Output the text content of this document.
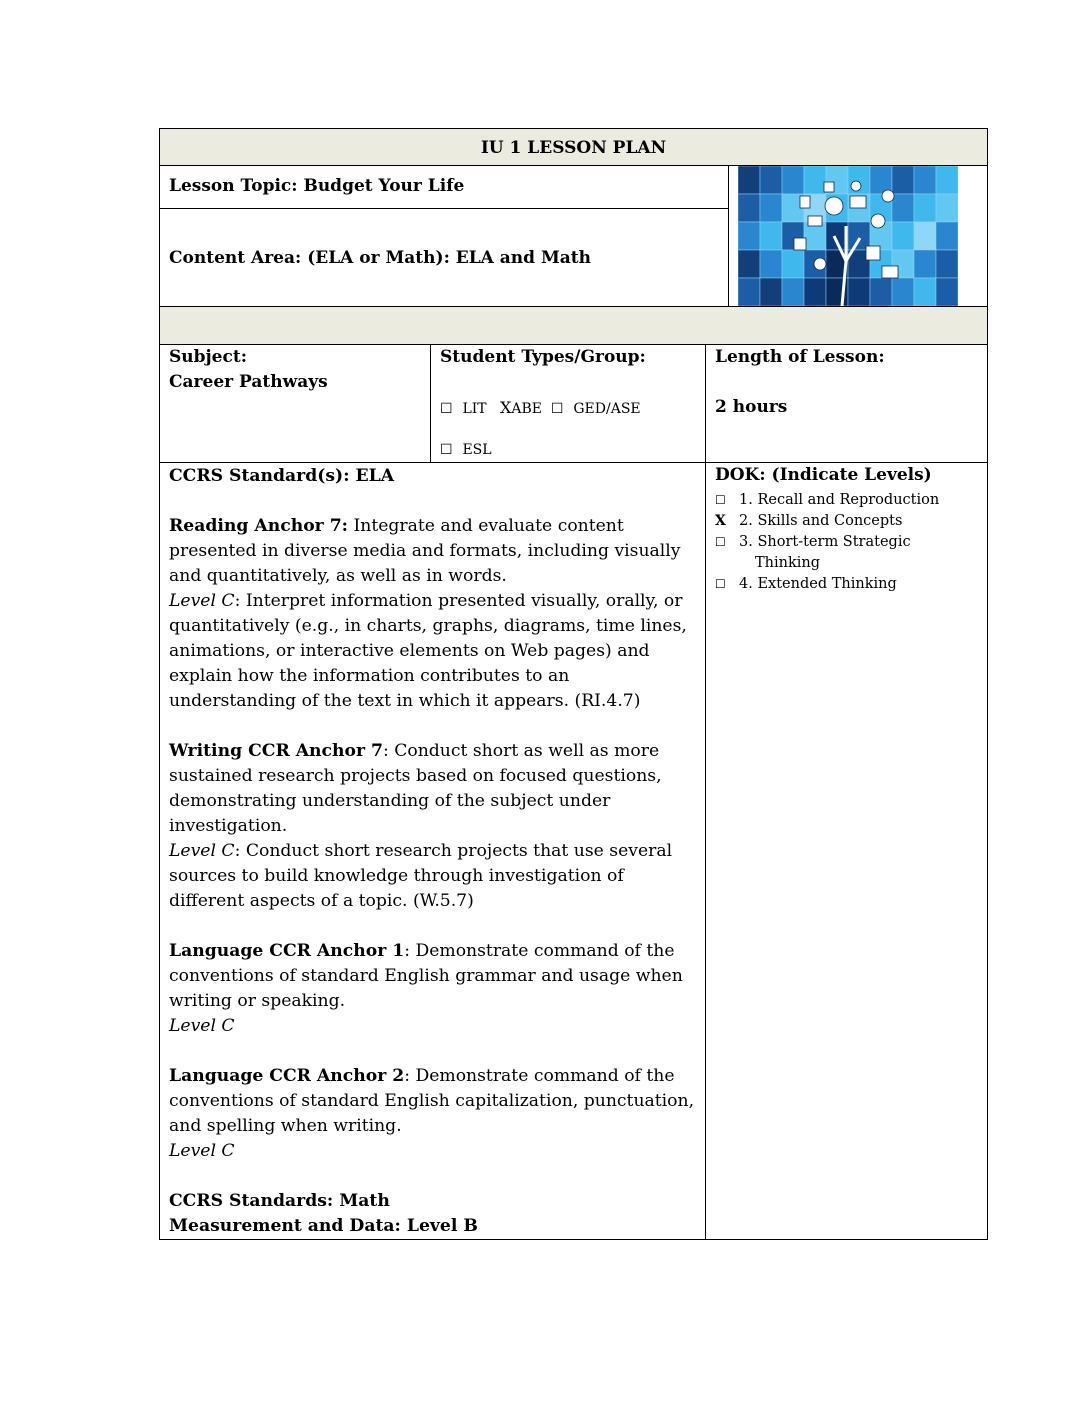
IU 1 LESSON PLAN
Lesson Topic: Budget Your Life
Content Area: (ELA or Math): ELA and Math
Subject:
Career Pathways
Student Types/Group:
☐ LIT XABE ☐ GED/ASE
☐ ESL
Length of Lesson:
2 hours

CCRS Standard(s): ELA

Reading Anchor 7: Integrate and evaluate content presented in diverse media and formats, including visually and quantitatively, as well as in words.
Level C: Interpret information presented visually, orally, or quantitatively (e.g., in charts, graphs, diagrams, time lines, animations, or interactive elements on Web pages) and explain how the information contributes to an understanding of the text in which it appears. (RI.4.7)

Writing CCR Anchor 7: Conduct short as well as more sustained research projects based on focused questions, demonstrating understanding of the subject under investigation.
Level C: Conduct short research projects that use several sources to build knowledge through investigation of different aspects of a topic. (W.5.7)

Language CCR Anchor 1: Demonstrate command of the conventions of standard English grammar and usage when writing or speaking.
Level C

Language CCR Anchor 2: Demonstrate command of the conventions of standard English capitalization, punctuation, and spelling when writing.
Level C

CCRS Standards: Math
Measurement and Data: Level B

DOK: (Indicate Levels)
☐ 1. Recall and Reproduction
X 2. Skills and Concepts
☐ 3. Short-term Strategic
Thinking
☐ 4. Extended Thinking
